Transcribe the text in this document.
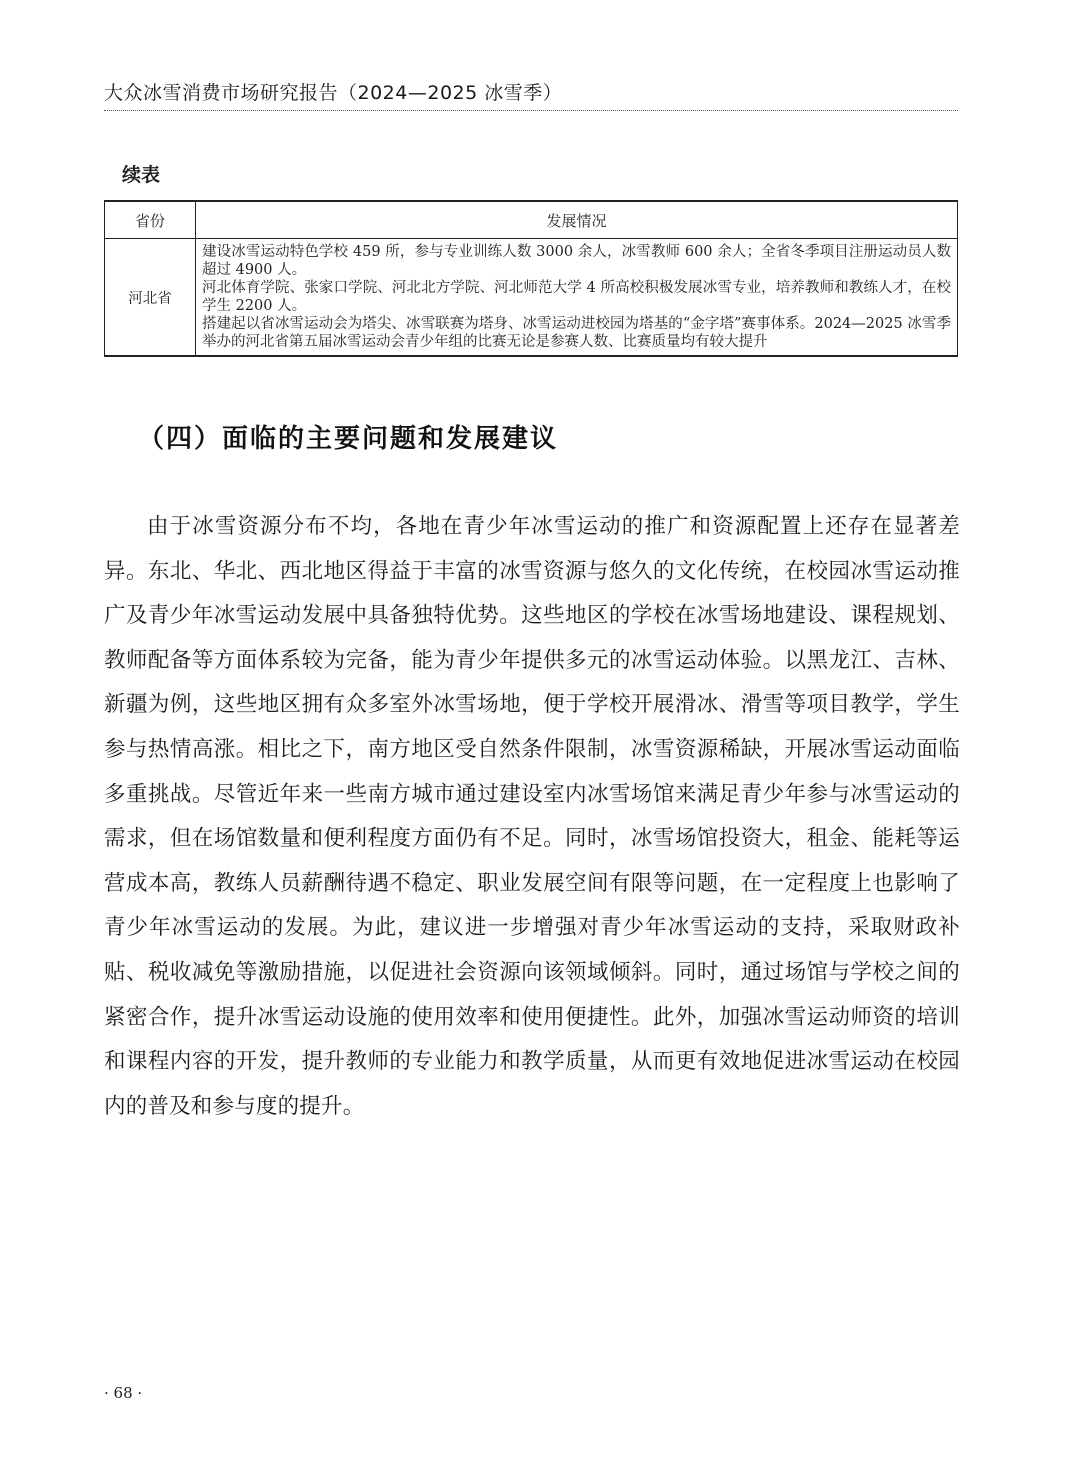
大众冰雪消费市场研究报告（2024—2025 冰雪季）
续表
省份	发展情况
河北省	建设冰雪运动特色学校 459 所，参与专业训练人数 3000 余人，冰雪教师 600 余人；全省冬季项目注册运动员人数超过 4900 人。

河北体育学院、张家口学院、河北北方学院、河北师范大学 4 所高校积极发展冰雪专业，培养教师和教练人才，在校学生 2200 人。

搭建起以省冰雪运动会为塔尖、冰雪联赛为塔身、冰雪运动进校园为塔基的“金字塔”赛事体系。2024—2025 冰雪季举办的河北省第五届冰雪运动会青少年组的比赛无论是参赛人数、比赛质量均有较大提升

（四）面临的主要问题和发展建议

由于冰雪资源分布不均，各地在青少年冰雪运动的推广和资源配置上还存在显著差异。东北、华北、西北地区得益于丰富的冰雪资源与悠久的文化传统，在校园冰雪运动推广及青少年冰雪运动发展中具备独特优势。这些地区的学校在冰雪场地建设、课程规划、教师配备等方面体系较为完备，能为青少年提供多元的冰雪运动体验。以黑龙江、吉林、新疆为例，这些地区拥有众多室外冰雪场地，便于学校开展滑冰、滑雪等项目教学，学生参与热情高涨。相比之下，南方地区受自然条件限制，冰雪资源稀缺，开展冰雪运动面临多重挑战。尽管近年来一些南方城市通过建设室内冰雪场馆来满足青少年参与冰雪运动的需求，但在场馆数量和便利程度方面仍有不足。同时，冰雪场馆投资大，租金、能耗等运营成本高，教练人员薪酬待遇不稳定、职业发展空间有限等问题，在一定程度上也影响了青少年冰雪运动的发展。为此，建议进一步增强对青少年冰雪运动的支持，采取财政补贴、税收减免等激励措施，以促进社会资源向该领域倾斜。同时，通过场馆与学校之间的紧密合作，提升冰雪运动设施的使用效率和使用便捷性。此外，加强冰雪运动师资的培训和课程内容的开发，提升教师的专业能力和教学质量，从而更有效地促进冰雪运动在校园内的普及和参与度的提升。

· 68 ·
